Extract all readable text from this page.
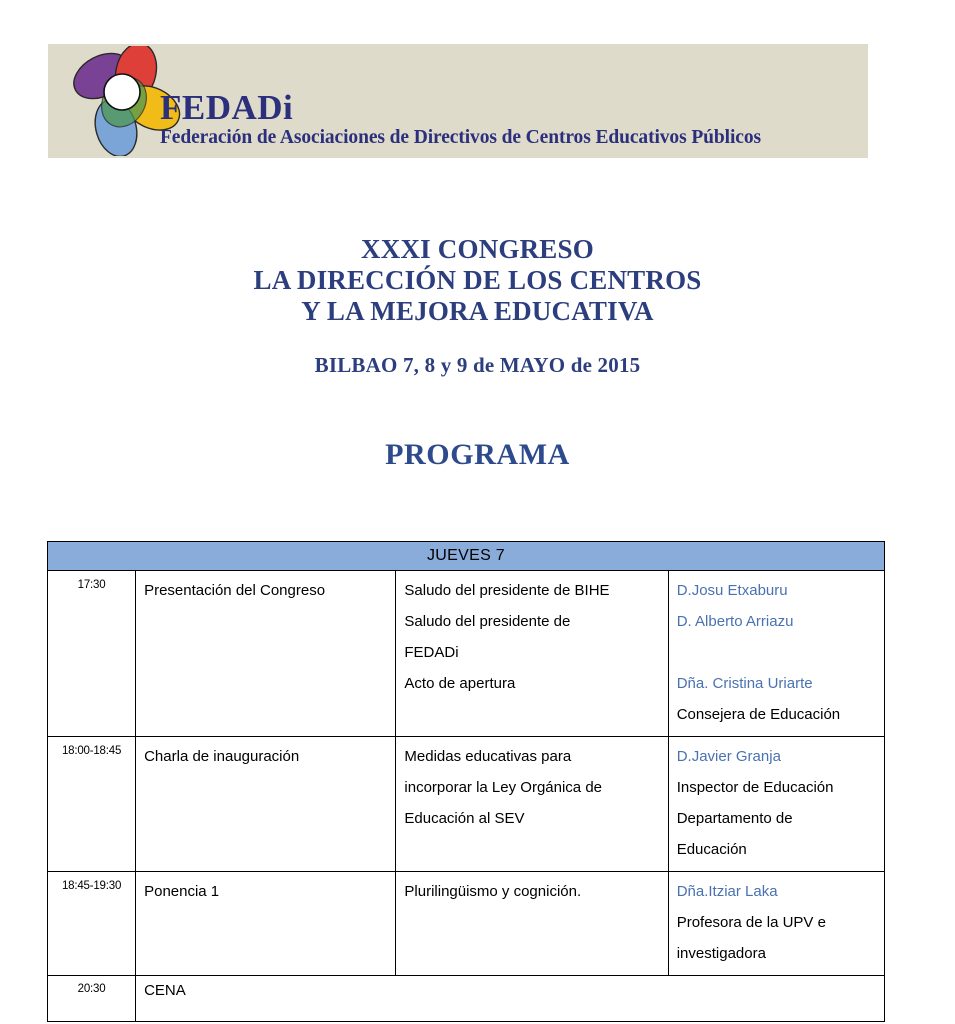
FEDADi
Federación de Asociaciones de Directivos de Centros Educativos Públicos
XXXI CONGRESO
LA DIRECCIÓN DE LOS CENTROS
Y LA MEJORA EDUCATIVA
BILBAO 7, 8 y 9 de MAYO de 2015
PROGRAMA
JUEVES 7			
17:30	Presentación del Congreso	Saludo del presidente de BIHE
Saludo del presidente de
FEDADi
Acto de apertura	D.Josu Etxaburu
D. Alberto Arriazu
Dña. Cristina Uriarte
Consejera de Educación

18:00-18:45	Charla de inauguración	Medidas educativas para
incorporar la Ley Orgánica de
Educación al SEV	D.Javier Granja
Inspector de Educación
Departamento de
Educación

18:45-19:30	Ponencia 1	Plurilingüismo y cognición.	Dña.Itziar Laka
Profesora de la UPV e
investigadora

20:30	CENA		
